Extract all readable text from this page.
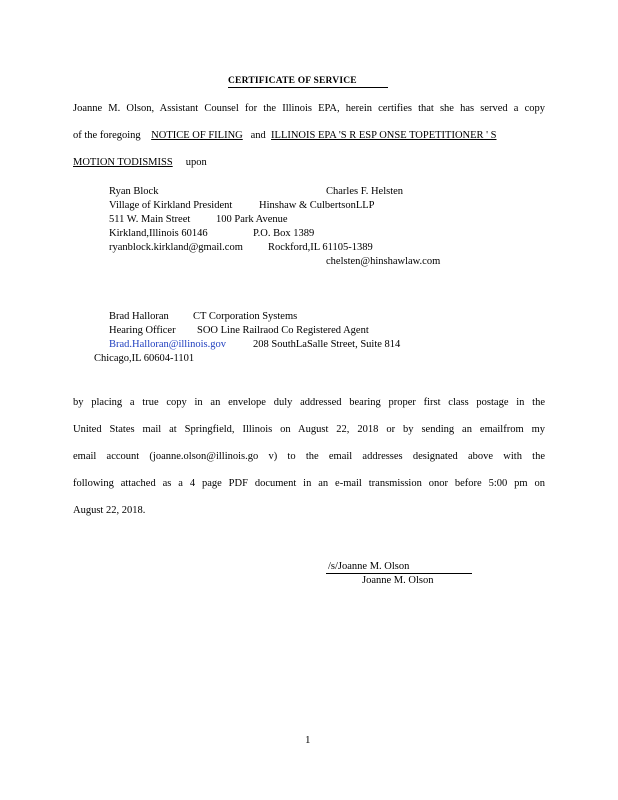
CERTIFICATE OF SERVICE
Joanne M. Olson, Assistant Counsel for the Illinois EPA, herein certifies that she has served a copy
of the foregoing NOTICE OF FILING and ILLINOIS EPA 'S R ESP ONSE TOPETITIONER ' S
MOTION TODISMISS upon
Ryan Block	Charles F. Helsten
Village of Kirkland President	Hinshaw & CulbertsonLLP
511 W. Main Street 100 Park Avenue
Kirkland,Illinois 60146	P.O. Box 1389
ryanblock.kirkland@gmail.com Rockford,IL 61105-1389
chelsten@hinshawlaw.com
Brad Halloran CT Corporation Systems
Hearing Officer SOO Line Railraod Co Registered Agent
Brad.Halloran@illinois.gov	208 SouthLaSalle Street, Suite 814
Chicago,IL 60604-1101
by placing a true copy in an envelope duly addressed bearing proper first class postage in the
United States mail at Springfield, Illinois on August 22, 2018 or by sending an emailfrom my
email account (joanne.olson@illinois.go v) to the email addresses designated above with the
following attached as a 4 page PDF document in an e-mail transmission onor before 5:00 pm on
August 22, 2018.
/s/Joanne M. Olson
Joanne M. Olson
1
